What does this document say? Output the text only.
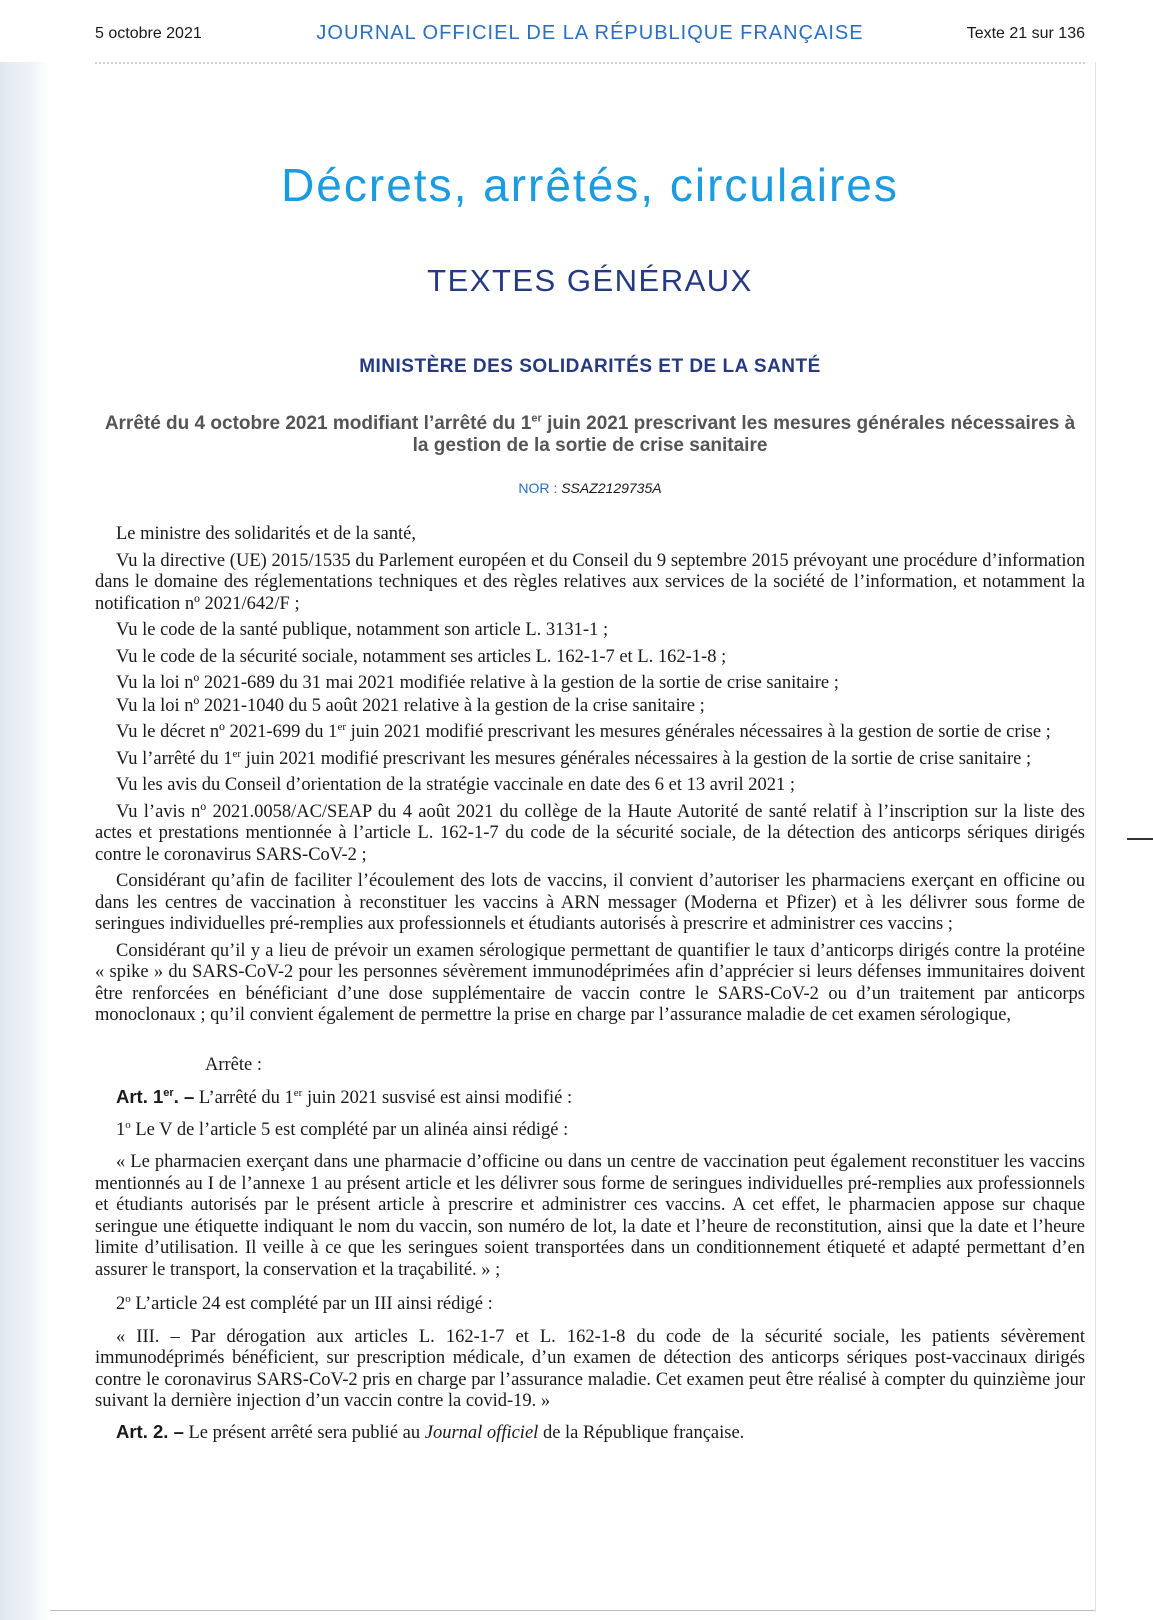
5 octobre 2021	JOURNAL OFFICIEL DE LA RÉPUBLIQUE FRANÇAISE	Texte 21 sur 136
Décrets, arrêtés, circulaires
TEXTES GÉNÉRAUX
MINISTÈRE DES SOLIDARITÉS ET DE LA SANTÉ
Arrêté du 4 octobre 2021 modifiant l’arrêté du 1er juin 2021 prescrivant les mesures générales nécessaires à la gestion de la sortie de crise sanitaire
NOR : SSAZ2129735A

Le ministre des solidarités et de la santé,

Vu la directive (UE) 2015/1535 du Parlement européen et du Conseil du 9 septembre 2015 prévoyant une procédure d’information dans le domaine des réglementations techniques et des règles relatives aux services de la société de l’information, et notamment la notification nº 2021/642/F ;

Vu le code de la santé publique, notamment son article L. 3131-1 ;

Vu le code de la sécurité sociale, notamment ses articles L. 162-1-7 et L. 162-1-8 ;

Vu la loi nº 2021-689 du 31 mai 2021 modifiée relative à la gestion de la sortie de crise sanitaire ;

Vu la loi nº 2021-1040 du 5 août 2021 relative à la gestion de la crise sanitaire ;

Vu le décret nº 2021-699 du 1er juin 2021 modifié prescrivant les mesures générales nécessaires à la gestion de sortie de crise ;

Vu l’arrêté du 1er juin 2021 modifié prescrivant les mesures générales nécessaires à la gestion de la sortie de crise sanitaire ;

Vu les avis du Conseil d’orientation de la stratégie vaccinale en date des 6 et 13 avril 2021 ;

Vu l’avis nº 2021.0058/AC/SEAP du 4 août 2021 du collège de la Haute Autorité de santé relatif à l’inscription sur la liste des actes et prestations mentionnée à l’article L. 162-1-7 du code de la sécurité sociale, de la détection des anticorps sériques dirigés contre le coronavirus SARS-CoV-2 ;

Considérant qu’afin de faciliter l’écoulement des lots de vaccins, il convient d’autoriser les pharmaciens exerçant en officine ou dans les centres de vaccination à reconstituer les vaccins à ARN messager (Moderna et Pfizer) et à les délivrer sous forme de seringues individuelles pré-remplies aux professionnels et étudiants autorisés à prescrire et administrer ces vaccins ;

Considérant qu’il y a lieu de prévoir un examen sérologique permettant de quantifier le taux d’anticorps dirigés contre la protéine « spike » du SARS-CoV-2 pour les personnes sévèrement immunodéprimées afin d’apprécier si leurs défenses immunitaires doivent être renforcées en bénéficiant d’une dose supplémentaire de vaccin contre le SARS-CoV-2 ou d’un traitement par anticorps monoclonaux ; qu’il convient également de permettre la prise en charge par l’assurance maladie de cet examen sérologique,

Arrête :

Art. 1er. – L’arrêté du 1er juin 2021 susvisé est ainsi modifié :

1$^o$ Le V de l’article 5 est complété par un alinéa ainsi rédigé :

« Le pharmacien exerçant dans une pharmacie d’officine ou dans un centre de vaccination peut également reconstituer les vaccins mentionnés au I de l’annexe 1 au présent article et les délivrer sous forme de seringues individuelles pré-remplies aux professionnels et étudiants autorisés par le présent article à prescrire et administrer ces vaccins. A cet effet, le pharmacien appose sur chaque seringue une étiquette indiquant le nom du vaccin, son numéro de lot, la date et l’heure de reconstitution, ainsi que la date et l’heure limite d’utilisation. Il veille à ce que les seringues soient transportées dans un conditionnement étiqueté et adapté permettant d’en assurer le transport, la conservation et la traçabilité. » ;

2$^o$ L’article 24 est complété par un III ainsi rédigé :

« III. – Par dérogation aux articles L. 162-1-7 et L. 162-1-8 du code de la sécurité sociale, les patients sévèrement immunodéprimés bénéficient, sur prescription médicale, d’un examen de détection des anticorps sériques post-vaccinaux dirigés contre le coronavirus SARS-CoV-2 pris en charge par l’assurance maladie. Cet examen peut être réalisé à compter du quinzième jour suivant la dernière injection d’un vaccin contre la covid-19. »

Art. 2. – Le présent arrêté sera publié au Journal officiel de la République française.
